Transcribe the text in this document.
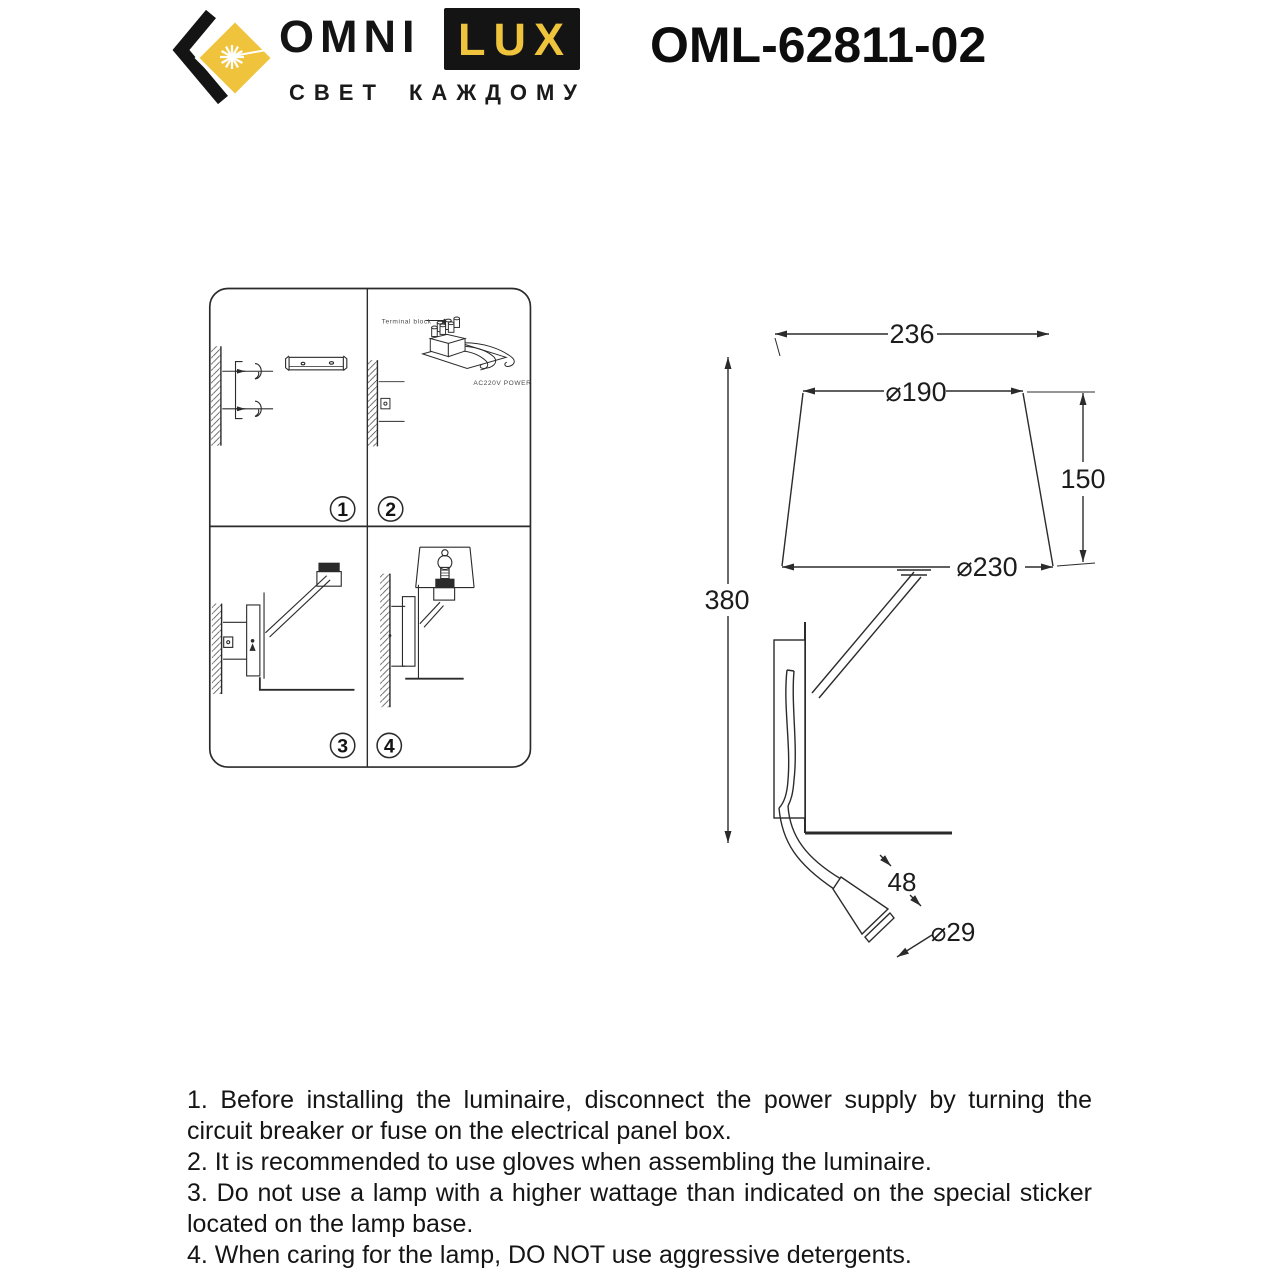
OMNI LUX
СВЕТ КАЖДОМУ
OML-62811-02
1 2
3 4
Terminal block
AC220V POWER
236
⌀190
150
⌀230
380
48
⌀29

1. Before installing the luminaire, disconnect the power supply by turning the circuit breaker or fuse on the electrical panel box.

2. It is recommended to use gloves when assembling the luminaire.

3. Do not use a lamp with a higher wattage than indicated on the special sticker located on the lamp base.

4. When caring for the lamp, DO NOT use aggressive detergents.
